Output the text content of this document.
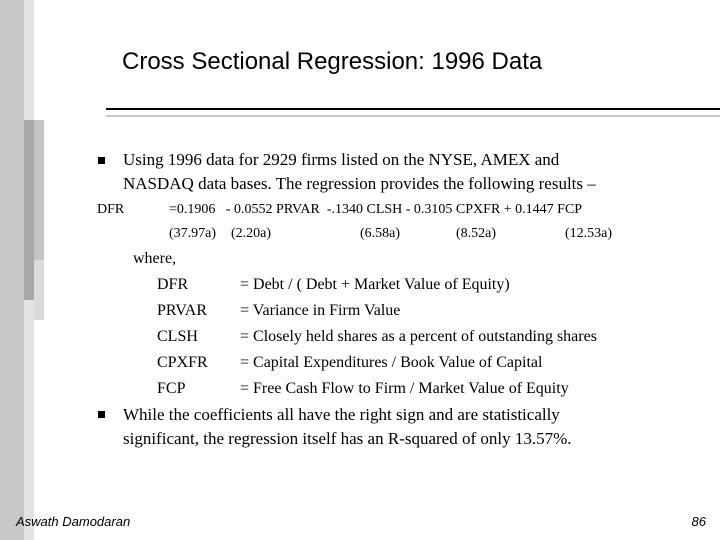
Cross Sectional Regression: 1996 Data
Using 1996 data for 2929 firms listed on the NYSE, AMEX and
NASDAQ data bases. The regression provides the following results –
DFR	=0.1906   - 0.0552 PRVAR  -.1340 CLSH - 0.3105 CPXFR + 0.1447 FCP
(37.97a) (2.20a)	(6.58a)	(8.52a)	(12.53a)
where,
DFR	= Debt / ( Debt + Market Value of Equity)
PRVAR = Variance in Firm Value
CLSH	= Closely held shares as a percent of outstanding shares
CPXFR = Capital Expenditures / Book Value of Capital
FCP	= Free Cash Flow to Firm / Market Value of Equity
While the coefficients all have the right sign and are statistically
significant, the regression itself has an R-squared of only 13.57%.
Aswath Damodaran	86
